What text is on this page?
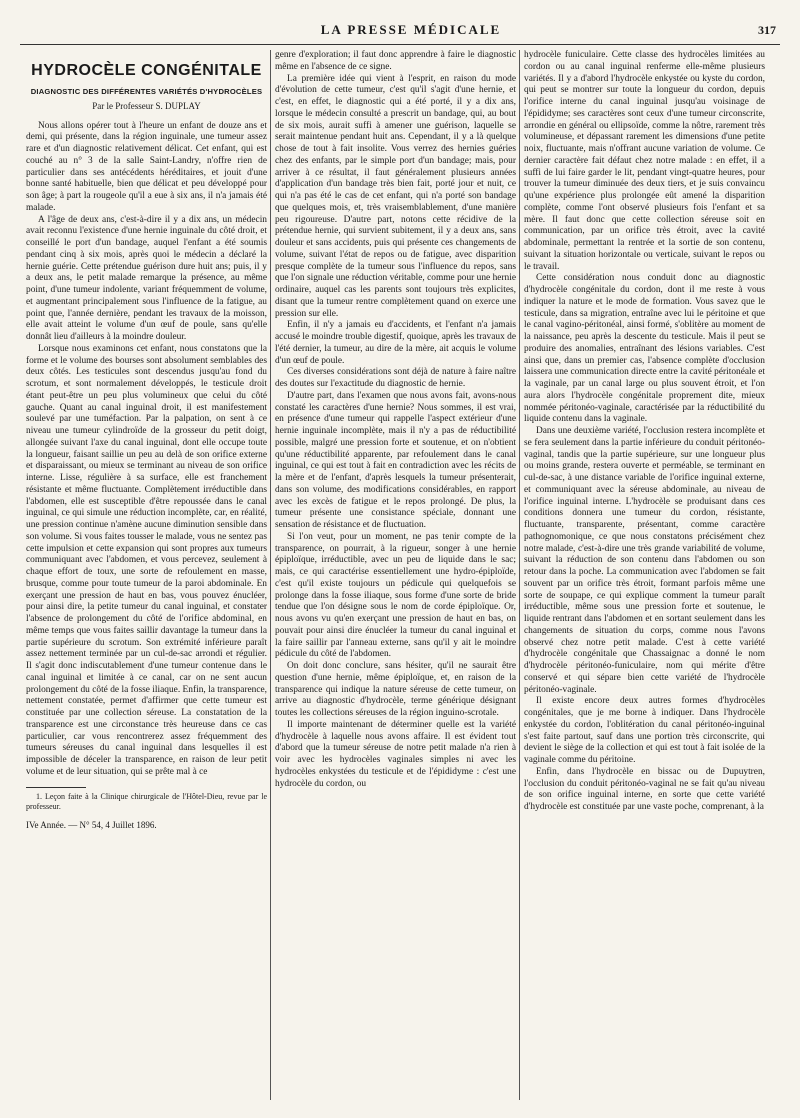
LA PRESSE MÉDICALE	317
HYDROCÈLE CONGÉNITALE
DIAGNOSTIC DES DIFFÉRENTES VARIÉTÉS D'HYDROCÈLES
Par le Professeur S. DUPLAY

Nous allons opérer tout à l'heure un enfant de douze ans et demi, qui présente, dans la région inguinale, une tumeur assez rare et d'un diagnostic relativement délicat. Cet enfant, qui est couché au n° 3 de la salle Saint-Landry, n'offre rien de particulier dans ses antécédents héréditaires, et jouit d'une bonne santé habituelle, bien que délicat et peu développé pour son âge; à part la rougeole qu'il a eue à six ans, il n'a jamais été malade.

A l'âge de deux ans, c'est-à-dire il y a dix ans, un médecin avait reconnu l'existence d'une hernie inguinale du côté droit, et conseillé le port d'un bandage, auquel l'enfant a été soumis pendant cinq à six mois, après quoi le médecin a déclaré la hernie guérie. Cette prétendue guérison dure huit ans; puis, il y a deux ans, le petit malade remarque la présence, au même point, d'une tumeur indolente, variant fréquemment de volume, et augmentant principalement sous l'influence de la fatigue, au point que, l'année dernière, pendant les travaux de la moisson, elle avait atteint le volume d'un œuf de poule, sans qu'elle donnât lieu d'ailleurs à la moindre douleur.

Lorsque nous examinons cet enfant, nous constatons que la forme et le volume des bourses sont absolument semblables des deux côtés. Les testicules sont descendus jusqu'au fond du scrotum, et sont normalement développés, le testicule droit étant peut-être un peu plus volumineux que celui du côté gauche. Quant au canal inguinal droit, il est manifestement soulevé par une tuméfaction. Par la palpation, on sent à ce niveau une tumeur cylindroïde de la grosseur du petit doigt, allongée suivant l'axe du canal inguinal, dont elle occupe toute la longueur, faisant saillie un peu au delà de son orifice externe et disparaissant, ou mieux se terminant au niveau de son orifice interne. Lisse, régulière à sa surface, elle est franchement résistante et même fluctuante. Complètement irréductible dans l'abdomen, elle est susceptible d'être repoussée dans le canal inguinal, ce qui simule une réduction incomplète, car, en réalité, une pression continue n'amène aucune diminution sensible dans son volume. Si vous faites tousser le malade, vous ne sentez pas cette impulsion et cette expansion qui sont propres aux tumeurs communiquant avec l'abdomen, et vous percevez, seulement à chaque effort de toux, une sorte de refoulement en masse, brusque, comme pour toute tumeur de la paroi abdominale. En exerçant une pression de haut en bas, vous pouvez énucléer, pour ainsi dire, la petite tumeur du canal inguinal, et constater l'absence de prolongement du côté de l'orifice abdominal, en même temps que vous faites saillir davantage la tumeur dans la partie supérieure du scrotum. Son extrémité inférieure paraît assez nettement terminée par un cul-de-sac arrondi et régulier. Il s'agit donc indiscutablement d'une tumeur contenue dans le canal inguinal et limitée à ce canal, car on ne sent aucun prolongement du côté de la fosse iliaque. Enfin, la transparence, nettement constatée, permet d'affirmer que cette tumeur est constituée par une collection séreuse. La constatation de la transparence est une circonstance très heureuse dans ce cas particulier, car vous rencontrerez assez fréquemment des tumeurs séreuses du canal inguinal dans lesquelles il est impossible de déceler la transparence, en raison de leur petit volume et de leur situation, qui se prête mal à ce

1. Leçon faite à la Clinique chirurgicale de l'Hôtel-Dieu, revue par le professeur.
IVe Année. — N° 54, 4 Juillet 1896.

genre d'exploration; il faut donc apprendre à faire le diagnostic même en l'absence de ce signe.

La première idée qui vient à l'esprit, en raison du mode d'évolution de cette tumeur, c'est qu'il s'agit d'une hernie, et c'est, en effet, le diagnostic qui a été porté, il y a dix ans, lorsque le médecin consulté a prescrit un bandage, qui, au bout de six mois, aurait suffi à amener une guérison, laquelle se serait maintenue pendant huit ans. Cependant, il y a là quelque chose de tout à fait insolite. Vous verrez des hernies guéries chez des enfants, par le simple port d'un bandage; mais, pour arriver à ce résultat, il faut généralement plusieurs années d'application d'un bandage très bien fait, porté jour et nuit, ce qui n'a pas été le cas de cet enfant, qui n'a porté son bandage que quelques mois, et, très vraisemblablement, d'une manière peu rigoureuse. D'autre part, notons cette récidive de la prétendue hernie, qui survient subitement, il y a deux ans, sans douleur et sans accidents, puis qui présente ces changements de volume, suivant l'état de repos ou de fatigue, avec disparition presque complète de la tumeur sous l'influence du repos, sans que l'on signale une réduction véritable, comme pour une hernie ordinaire, auquel cas les parents sont toujours très explicites, disant que la tumeur rentre complètement quand on exerce une pression sur elle.

Enfin, il n'y a jamais eu d'accidents, et l'enfant n'a jamais accusé le moindre trouble digestif, quoique, après les travaux de l'été dernier, la tumeur, au dire de la mère, ait acquis le volume d'un œuf de poule.

Ces diverses considérations sont déjà de nature à faire naître des doutes sur l'exactitude du diagnostic de hernie.

D'autre part, dans l'examen que nous avons fait, avons-nous constaté les caractères d'une hernie? Nous sommes, il est vrai, en présence d'une tumeur qui rappelle l'aspect extérieur d'une hernie inguinale incomplète, mais il n'y a pas de réductibilité possible, malgré une pression forte et soutenue, et on n'obtient qu'une réductibilité apparente, par refoulement dans le canal inguinal, ce qui est tout à fait en contradiction avec les récits de la mère et de l'enfant, d'après lesquels la tumeur présenterait, dans son volume, des modifications considérables, en rapport avec les excès de fatigue et le repos prolongé. De plus, la tumeur présente une consistance spéciale, donnant une sensation de résistance et de fluctuation.

Si l'on veut, pour un moment, ne pas tenir compte de la transparence, on pourrait, à la rigueur, songer à une hernie épiploïque, irréductible, avec un peu de liquide dans le sac; mais, ce qui caractérise essentiellement une hydro-épiploïde, c'est qu'il existe toujours un pédicule qui quelquefois se prolonge dans la fosse iliaque, sous forme d'une sorte de bride tendue que l'on désigne sous le nom de corde épiploïque. Or, nous avons vu qu'en exerçant une pression de haut en bas, on pouvait pour ainsi dire énucléer la tumeur du canal inguinal et la faire saillir par l'anneau externe, sans qu'il y ait le moindre pédicule du côté de l'abdomen.

On doit donc conclure, sans hésiter, qu'il ne saurait être question d'une hernie, même épiploïque, et, en raison de la transparence qui indique la nature séreuse de cette tumeur, on arrive au diagnostic d'hydrocèle, terme générique désignant toutes les collections séreuses de la région inguino-scrotale.

Il importe maintenant de déterminer quelle est la variété d'hydrocèle à laquelle nous avons affaire. Il est évident tout d'abord que la tumeur séreuse de notre petit malade n'a rien à voir avec les hydrocèles vaginales simples ni avec les hydrocèles enkystées du testicule et de l'épididyme : c'est une hydrocèle du cordon, ou

hydrocèle funiculaire. Cette classe des hydrocèles limitées au cordon ou au canal inguinal renferme elle-même plusieurs variétés. Il y a d'abord l'hydrocèle enkystée ou kyste du cordon, qui peut se montrer sur toute la longueur du cordon, depuis l'orifice interne du canal inguinal jusqu'au voisinage de l'épididyme; ses caractères sont ceux d'une tumeur circonscrite, arrondie en général ou ellipsoïde, comme la nôtre, rarement très volumineuse, et dépassant rarement les dimensions d'une petite noix, fluctuante, mais n'offrant aucune variation de volume. Ce dernier caractère fait défaut chez notre malade : en effet, il a suffi de lui faire garder le lit, pendant vingt-quatre heures, pour trouver la tumeur diminuée des deux tiers, et je suis convaincu qu'une expérience plus prolongée eût amené la disparition complète, comme l'ont observé plusieurs fois l'enfant et sa mère. Il faut donc que cette collection séreuse soit en communication, par un orifice très étroit, avec la cavité abdominale, permettant la rentrée et la sortie de son contenu, suivant la situation horizontale ou verticale, suivant le repos ou le travail.

Cette considération nous conduit donc au diagnostic d'hydrocèle congénitale du cordon, dont il me reste à vous indiquer la nature et le mode de formation. Vous savez que le testicule, dans sa migration, entraîne avec lui le péritoine et que le canal vagino-péritonéal, ainsi formé, s'oblitère au moment de la naissance, peu après la descente du testicule. Mais il peut se produire des anomalies, entraînant des lésions variables. C'est ainsi que, dans un premier cas, l'absence complète d'occlusion laissera une communication directe entre la cavité péritonéale et la vaginale, par un canal large ou plus souvent étroit, et l'on aura alors l'hydrocèle congénitale proprement dite, mieux nommée péritonéo-vaginale, caractérisée par la réductibilité du liquide contenu dans la vaginale.

Dans une deuxième variété, l'occlusion restera incomplète et se fera seulement dans la partie inférieure du conduit péritonéo-vaginal, tandis que la partie supérieure, sur une longueur plus ou moins grande, restera ouverte et perméable, se terminant en cul-de-sac, à une distance variable de l'orifice inguinal externe, et communiquant avec la séreuse abdominale, au niveau de l'orifice inguinal interne. L'hydrocèle se produisant dans ces conditions donnera une tumeur du cordon, résistante, fluctuante, transparente, présentant, comme caractère pathognomonique, ce que nous constatons précisément chez notre malade, c'est-à-dire une très grande variabilité de volume, suivant la réduction de son contenu dans l'abdomen ou son retour dans la poche. La communication avec l'abdomen se fait souvent par un orifice très étroit, formant parfois même une sorte de soupape, ce qui explique comment la tumeur paraît irréductible, même sous une pression forte et soutenue, le liquide rentrant dans l'abdomen et en sortant seulement dans les changements de situation du corps, comme nous l'avons observé chez notre petit malade. C'est à cette variété d'hydrocèle congénitale que Chassaignac a donné le nom d'hydrocèle péritonéo-funiculaire, nom qui mérite d'être conservé et qui sépare bien cette variété de l'hydrocèle péritonéo-vaginale.

Il existe encore deux autres formes d'hydrocèles congénitales, que je me borne à indiquer. Dans l'hydrocèle enkystée du cordon, l'oblitération du canal péritonéo-inguinal s'est faite partout, sauf dans une portion très circonscrite, qui devient le siège de la collection et qui est tout à fait isolée de la vaginale comme du péritoine.

Enfin, dans l'hydrocèle en bissac ou de Dupuytren, l'occlusion du conduit péritonéo-vaginal ne se fait qu'au niveau de son orifice inguinal interne, en sorte que cette variété d'hydrocèle est constituée par une vaste poche, comprenant, à la
